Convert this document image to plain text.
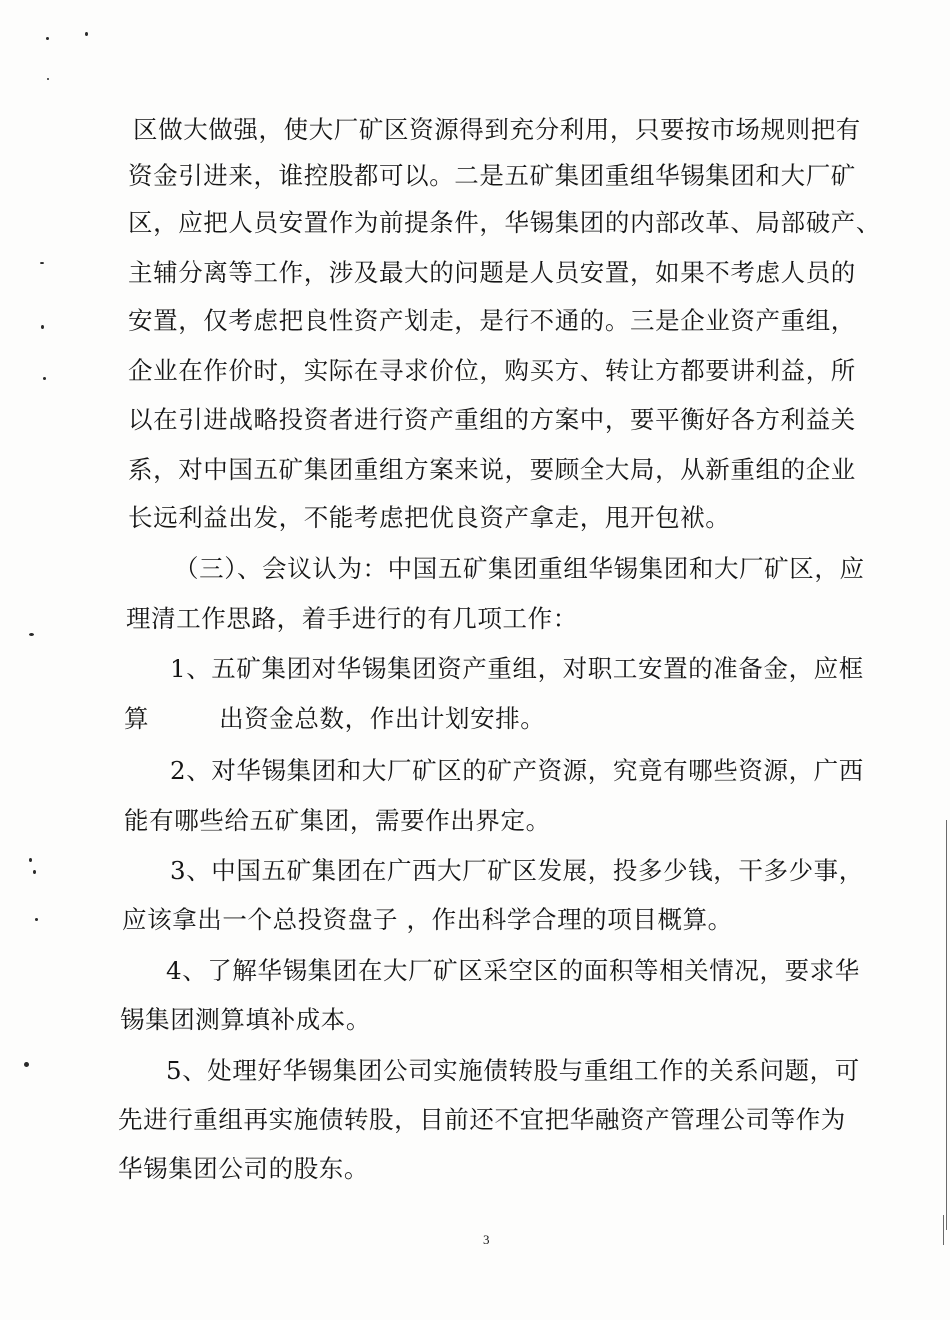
区做大做强，使大厂矿区资源得到充分利用，只要按市场规则把有
资金引进来，谁控股都可以。二是五矿集团重组华锡集团和大厂矿
区，应把人员安置作为前提条件，华锡集团的内部改革、局部破产、
主辅分离等工作，涉及最大的问题是人员安置，如果不考虑人员的
安置，仅考虑把良性资产划走，是行不通的。三是企业资产重组，
企业在作价时，实际在寻求价位，购买方、转让方都要讲利益，所
以在引进战略投资者进行资产重组的方案中，要平衡好各方利益关
系，对中国五矿集团重组方案来说，要顾全大局，从新重组的企业
长远利益出发，不能考虑把优良资产拿走，甩开包袱。
（三）、会议认为：中国五矿集团重组华锡集团和大厂矿区，应
理清工作思路，着手进行的有几项工作：
1、五矿集团对华锡集团资产重组，对职工安置的准备金，应框
算	出资金总数，作出计划安排。
2、对华锡集团和大厂矿区的矿产资源，究竟有哪些资源，广西
能有哪些给五矿集团，需要作出界定。
3、中国五矿集团在广西大厂矿区发展，投多少钱，干多少事，
应该拿出一个总投资盘子 ，作出科学合理的项目概算。
4、了解华锡集团在大厂矿区采空区的面积等相关情况，要求华
锡集团测算填补成本。
5、处理好华锡集团公司实施债转股与重组工作的关系问题，可
先进行重组再实施债转股，目前还不宜把华融资产管理公司等作为
华锡集团公司的股东。
3
